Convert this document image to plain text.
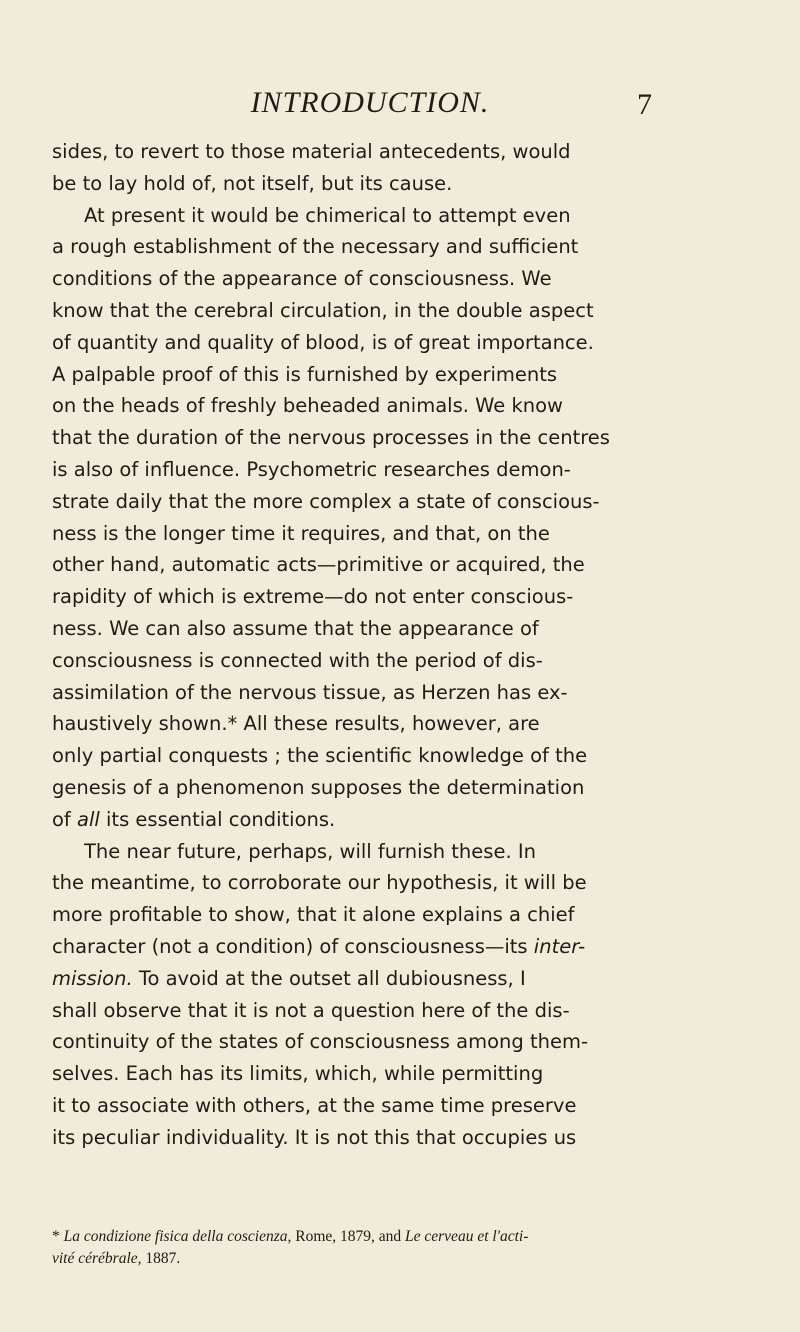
INTRODUCTION.	7
sides, to revert to those material antecedents, would
be to lay hold of, not itself, but its cause.
At present it would be chimerical to attempt even
a rough establishment of the necessary and sufficient
conditions of the appearance of consciousness. We
know that the cerebral circulation, in the double aspect
of quantity and quality of blood, is of great importance.
A palpable proof of this is furnished by experiments
on the heads of freshly beheaded animals. We know
that the duration of the nervous processes in the centres
is also of influence. Psychometric researches demon-
strate daily that the more complex a state of conscious-
ness is the longer time it requires, and that, on the
other hand, automatic acts—primitive or acquired, the
rapidity of which is extreme—do not enter conscious-
ness. We can also assume that the appearance of
consciousness is connected with the period of dis-
assimilation of the nervous tissue, as Herzen has ex-
haustively shown.* All these results, however, are
only partial conquests ; the scientific knowledge of the
genesis of a phenomenon supposes the determination
of all its essential conditions.
The near future, perhaps, will furnish these. In
the meantime, to corroborate our hypothesis, it will be
more profitable to show, that it alone explains a chief
character (not a condition) of consciousness—its inter-
mission. To avoid at the outset all dubiousness, I
shall observe that it is not a question here of the dis-
continuity of the states of consciousness among them-
selves. Each has its limits, which, while permitting
it to associate with others, at the same time preserve
its peculiar individuality. It is not this that occupies us
* La condizione fisica della coscienza, Rome, 1879, and Le cerveau et l'acti-
vité cérébrale, 1887.
